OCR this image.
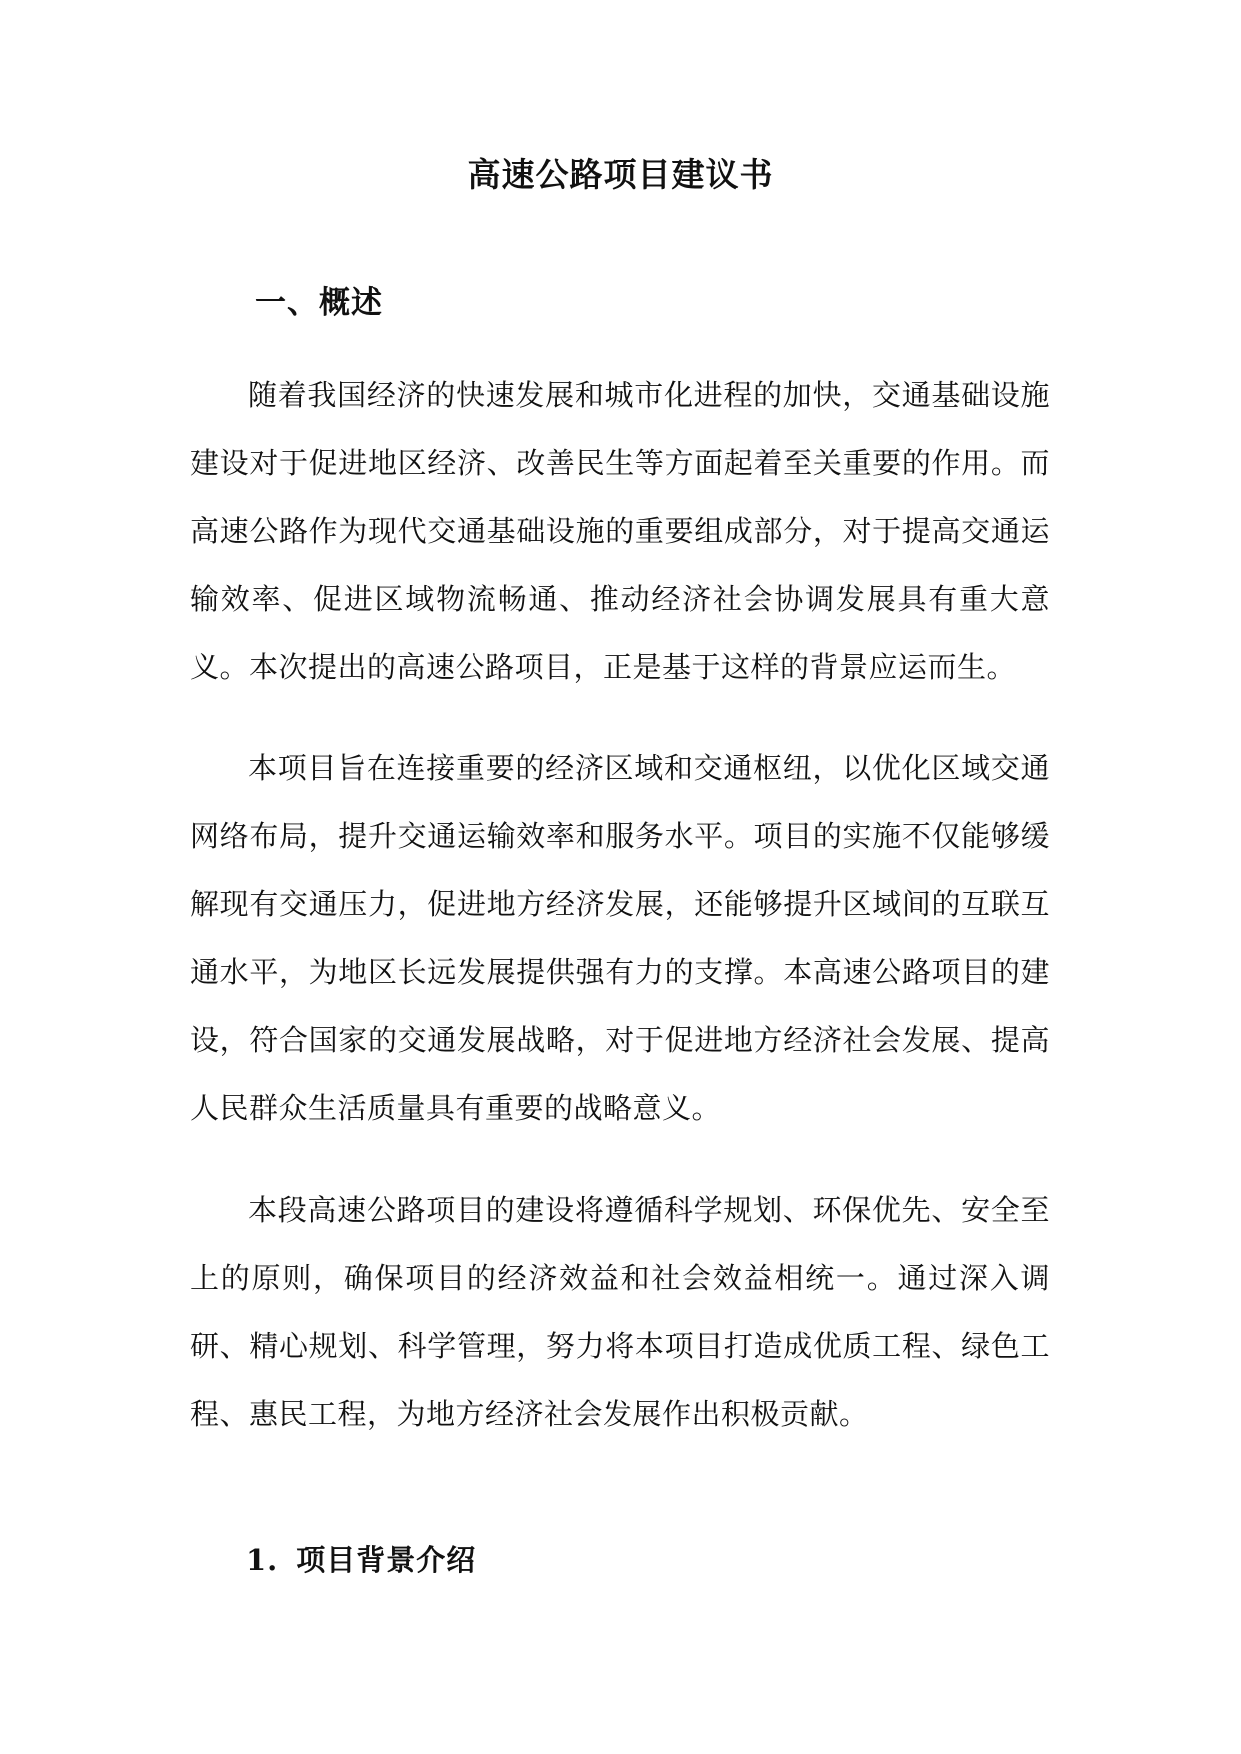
高速公路项目建议书
一、概述

随着我国经济的快速发展和城市化进程的加快，交通基础设施建设对于促进地区经济、改善民生等方面起着至关重要的作用。而高速公路作为现代交通基础设施的重要组成部分，对于提高交通运输效率、促进区域物流畅通、推动经济社会协调发展具有重大意义。本次提出的高速公路项目，正是基于这样的背景应运而生。

本项目旨在连接重要的经济区域和交通枢纽，以优化区域交通网络布局，提升交通运输效率和服务水平。项目的实施不仅能够缓解现有交通压力，促进地方经济发展，还能够提升区域间的互联互通水平，为地区长远发展提供强有力的支撑。本高速公路项目的建设，符合国家的交通发展战略，对于促进地方经济社会发展、提高人民群众生活质量具有重要的战略意义。

本段高速公路项目的建设将遵循科学规划、环保优先、安全至上的原则，确保项目的经济效益和社会效益相统一。通过深入调研、精心规划、科学管理，努力将本项目打造成优质工程、绿色工程、惠民工程，为地方经济社会发展作出积极贡献。

1. 项目背景介绍
